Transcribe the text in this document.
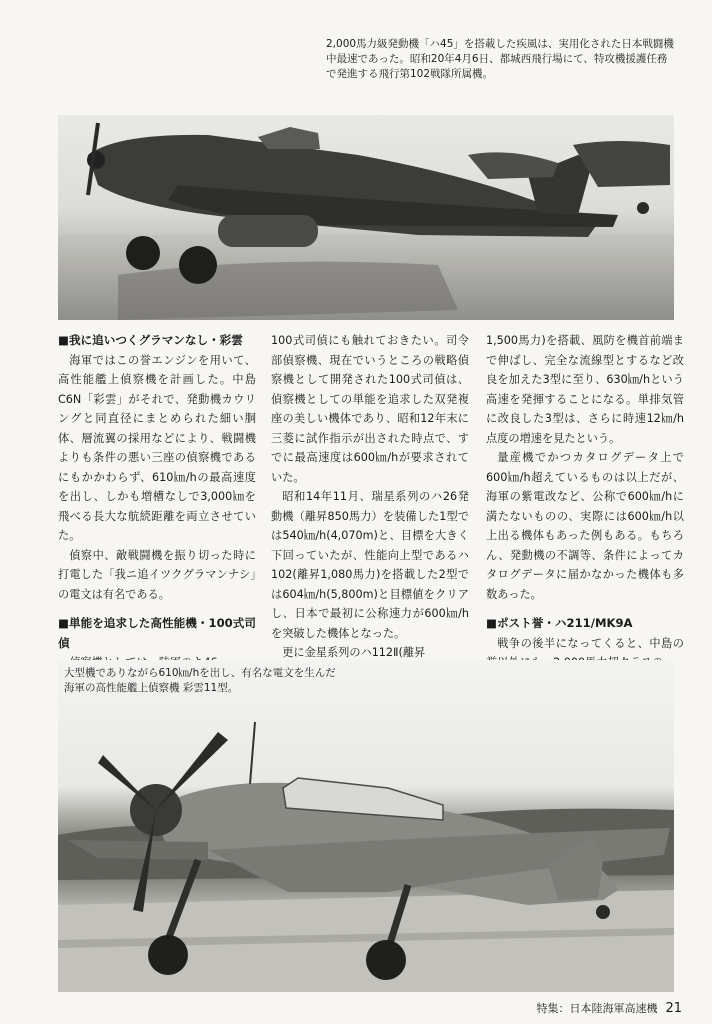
2,000馬力級発動機「ハ45」を搭載した疾風は、実用化された日本戦闘機
中最速であった。昭和20年4月6日、都城西飛行場にて、特攻機援護任務
で発進する飛行第102戦隊所属機。
■我に追いつくグラマンなし・彩雲

海軍ではこの誉エンジンを用いて、高性能艦上偵察機を計画した。中島C6N「彩雲」がそれで、発動機カウリングと同直径にまとめられた細い胴体、層流翼の採用などにより、戦闘機よりも条件の悪い三座の偵察機であるにもかかわらず、610㎞/hの最高速度を出し、しかも増槽なしで3,000㎞を飛べる長大な航続距離を両立させていた。

偵察中、敵戦闘機を振り切った時に打電した「我ニ追イツクグラマンナシ」の電文は有名である。

■単能を追求した高性能機・100式司偵

100式司偵にも触れておきたい。司令部偵察機、現在でいうところの戦略偵察機として開発された100式司偵は、偵察機としての単能を追求した双発複座の美しい機体であり、昭和12年末に三菱に試作指示が出された時点で、すでに最高速度は600㎞/hが要求されていた。

昭和14年11月、瑞星系列のハ26発動機（離昇850馬力）を装備した1型では540㎞/h(4,070m)と、目標を大きく下回っていたが、性能向上型であるハ102(離昇1,080馬力)を搭載した2型では604㎞/h(5,800m)と目標値をクリアし、日本で最初に公称速力が600㎞/hを突破した機体となった。

更に金星系列のハ112Ⅱ(離昇

1,500馬力)を搭載、風防を機首前端まで伸ばし、完全な流線型とするなど改良を加えた3型に至り、630㎞/hという高速を発揮することになる。単排気管に改良した3型は、さらに時速12㎞/h点度の増速を見たという。

量産機でかつカタログデータ上で600㎞/h超えているものは以上だが、海軍の紫電改など、公称で600㎞/hに満たないものの、実際には600㎞/h以上出る機体もあった例もある。もちろん、発動機の不調等、条件によってカタログデータに届かなかった機体も多数あった。

■ポスト誉・ハ211/MK9A

戦争の後半になってくると、中島の

大型機でありながら610㎞/hを出し、有名な電文を生んだ
海軍の高性能艦上偵察機 彩雲11型。
特集：日本陸海軍高速機 21
